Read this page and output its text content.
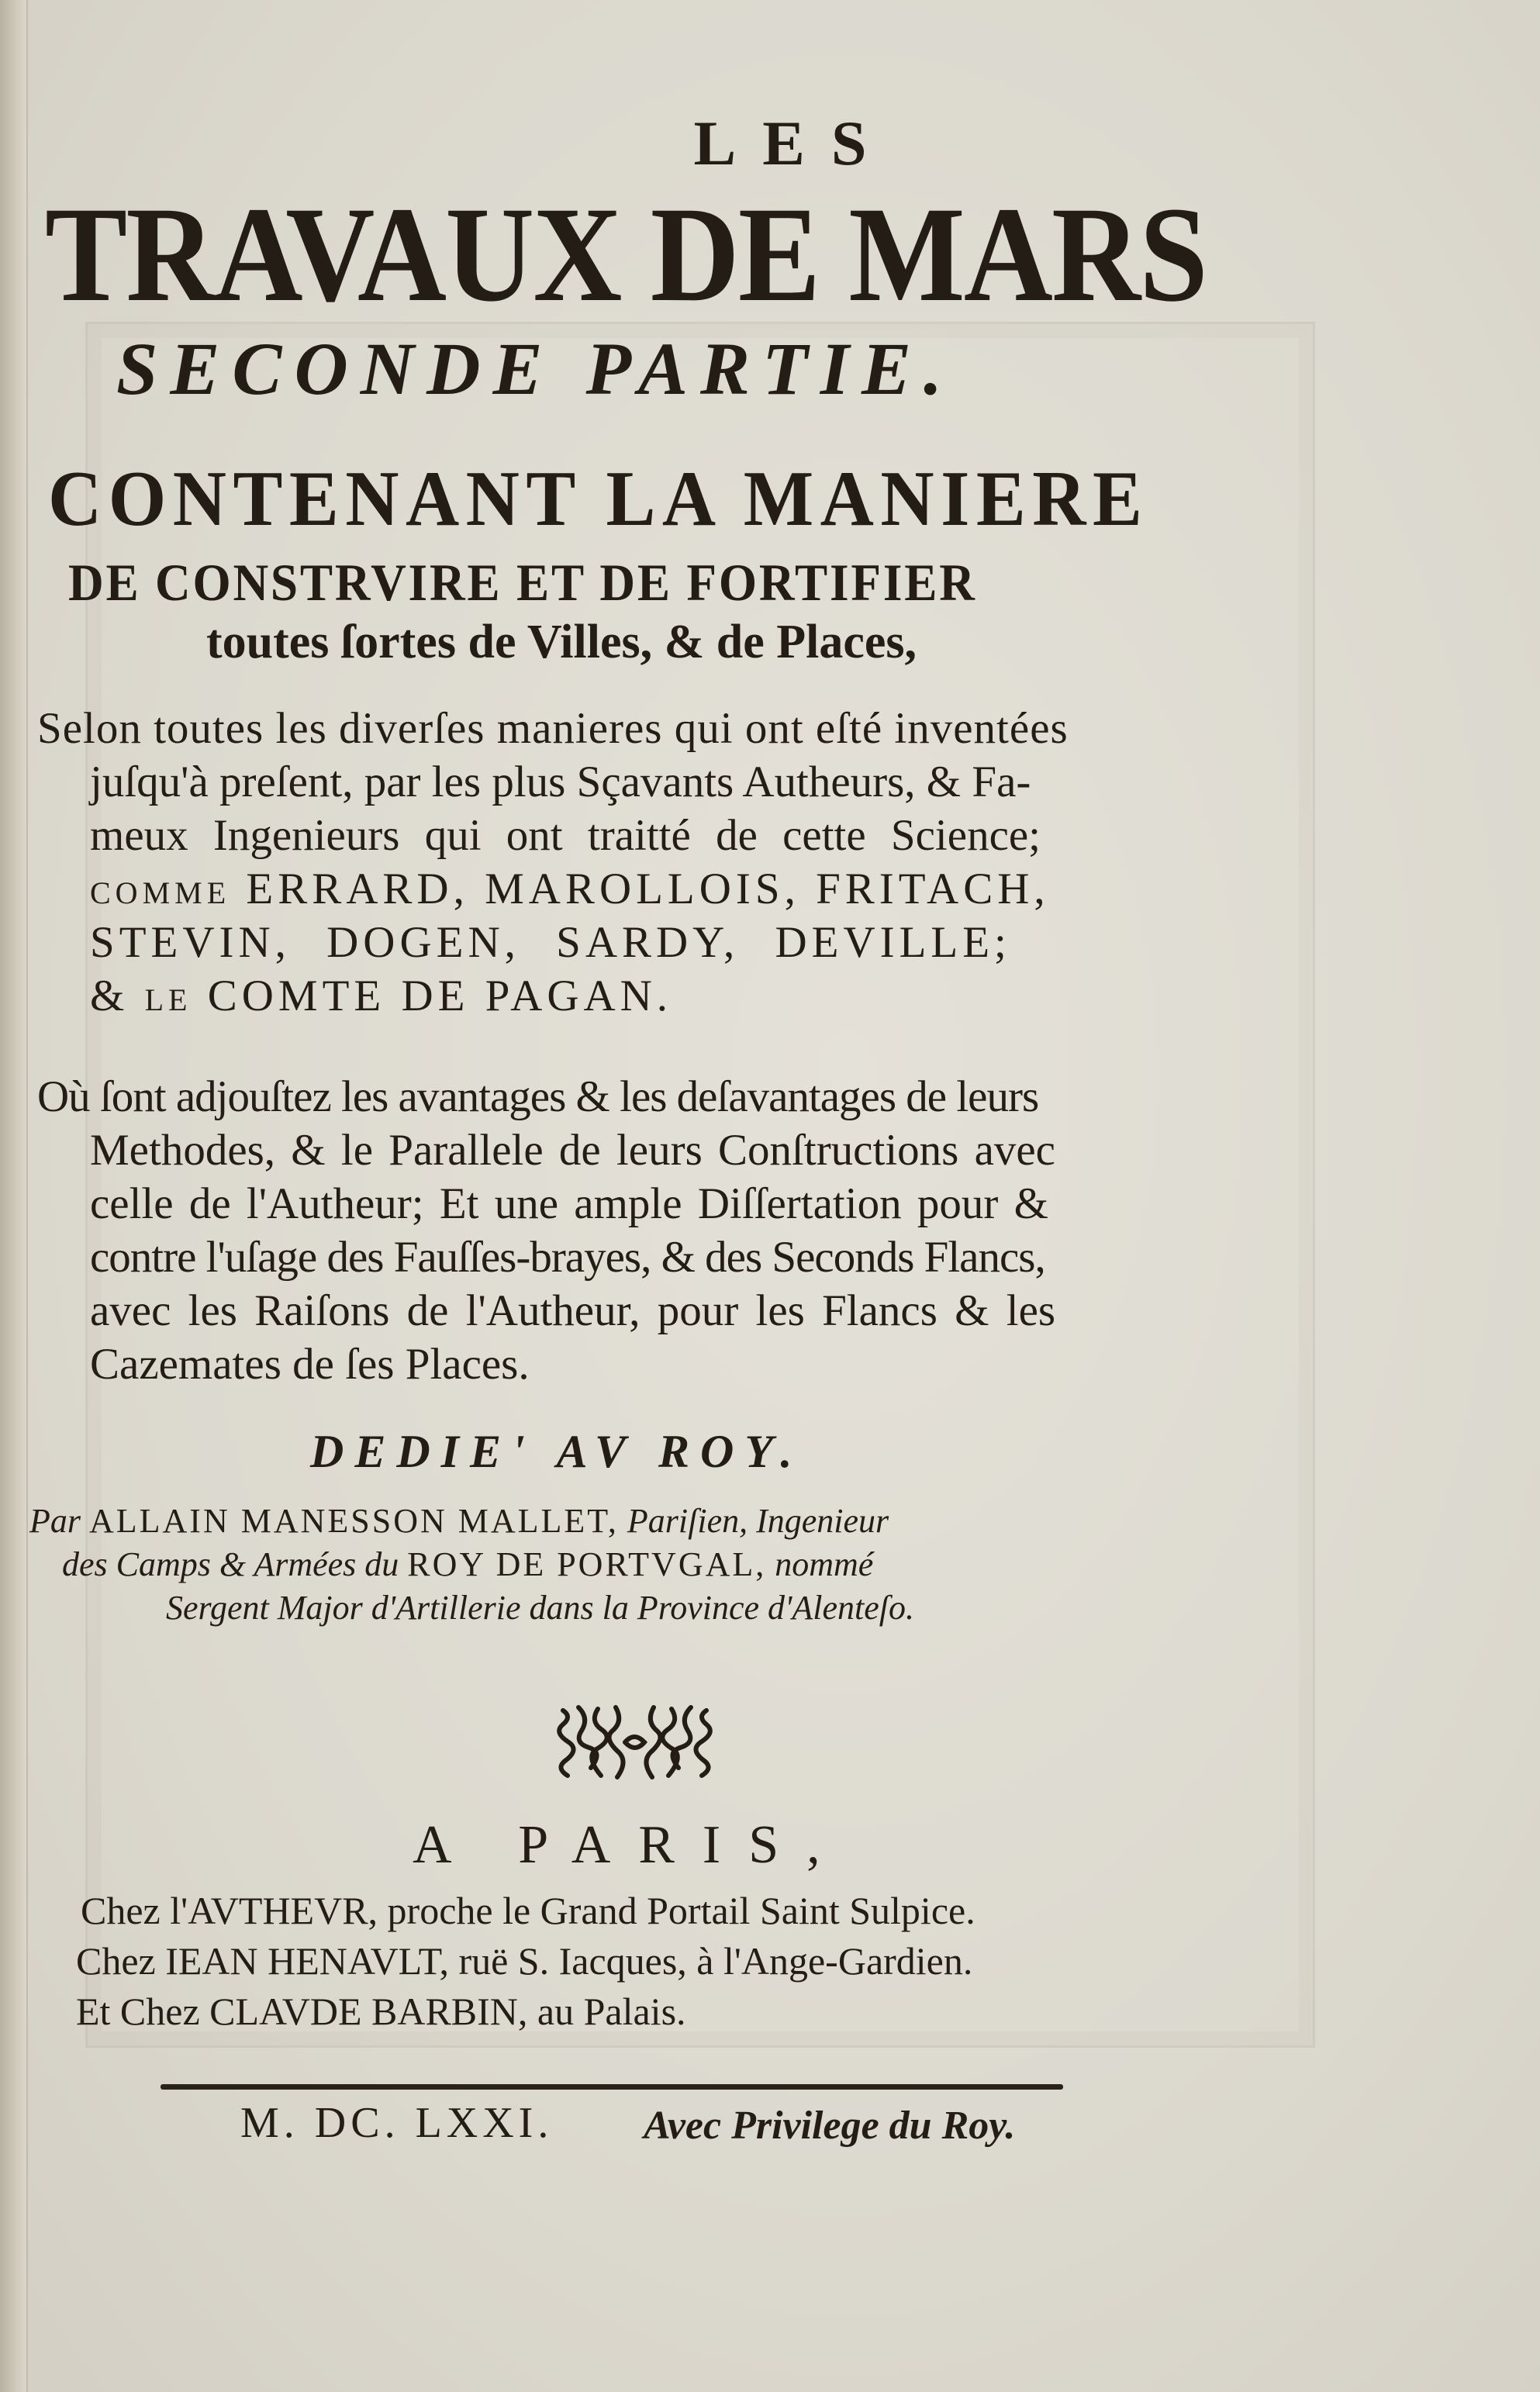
LES
TRAVAUX DE MARS
SECONDE PARTIE.
CONTENANT LA MANIERE
DE CONSTRVIRE ET DE FORTIFIER
toutes ſortes de Villes, & de Places,
Selon toutes les diverſes manieres qui ont eſté inventées
juſqu'à preſent, par les plus Sçavants Autheurs, & Fa-
meux Ingenieurs qui ont traitté de cette Science;
comme ERRARD, MAROLLOIS, FRITACH,
STEVIN, DOGEN, SARDY, DEVILLE;
& le COMTE DE PAGAN.
Où ſont adjouſtez les avantages & les deſavantages de leurs
Methodes, & le Parallele de leurs Conſtructions avec
celle de l'Autheur; Et une ample Diſſertation pour &
contre l'uſage des Fauſſes-brayes, & des Seconds Flancs,
avec les Raiſons de l'Autheur, pour les Flancs & les
Cazemates de ſes Places.
DEDIE' AV ROY.
Par ALLAIN MANESSON MALLET, Pariſien, Ingenieur
des Camps & Armées du ROY DE PORTVGAL, nommé
Sergent Major d'Artillerie dans la Province d'Alenteſo.
A PARIS,
Chez l'AVTHEVR, proche le Grand Portail Saint Sulpice.
Chez IEAN HENAVLT, ruë S. Iacques, à l'Ange-Gardien.
Et Chez CLAVDE BARBIN, au Palais.
M. DC. LXXI. Avec Privilege du Roy.
